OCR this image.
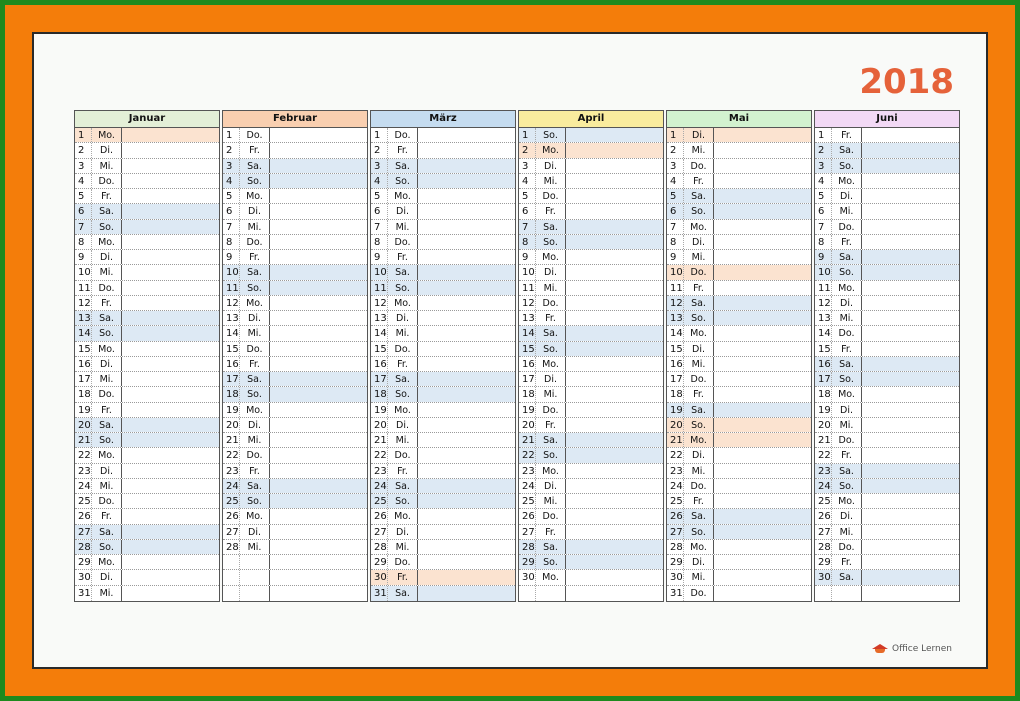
2018
Januar
1	Mo.
2	Di.
3	Mi.
4	Do.
5	Fr.
6	Sa.
7	So.
8	Mo.
9	Di.
10 Mi.
11 Do.
12	Fr.
13 Sa.
14 So.
15 Mo.
16 Di.
17 Mi.
18 Do.
19	Fr.
20 Sa.
21 So.
22 Mo.
23 Di.
24 Mi.
25 Do.
26	Fr.
27 Sa.
28 So.
29 Mo.
30 Di.
31 Mi.
Februar
1	Do.
2	Fr.
3	Sa.
4	So.
5	Mo.
6	Di.
7	Mi.
8	Do.
9	Fr.
10 Sa.
11 So.
12 Mo.
13 Di.
14 Mi.
15 Do.
16	Fr.
17 Sa.
18 So.
19 Mo.
20 Di.
21 Mi.
22 Do.
23	Fr.
24 Sa.
25 So.
26 Mo.
27 Di.
28 Mi.
März
1	Do.
2	Fr.
3	Sa.
4	So.
5	Mo.
6	Di.
7	Mi.
8	Do.
9	Fr.
10 Sa.
11 So.
12 Mo.
13 Di.
14 Mi.
15 Do.
16	Fr.
17 Sa.
18 So.
19 Mo.
20 Di.
21 Mi.
22 Do.
23	Fr.
24 Sa.
25 So.
26 Mo.
27 Di.
28 Mi.
29 Do.
30	Fr.
31 Sa.
April
1	So.
2	Mo.
3	Di.
4	Mi.
5	Do.
6	Fr.
7	Sa.
8	So.
9	Mo.
10 Di.
11 Mi.
12 Do.
13	Fr.
14 Sa.
15 So.
16 Mo.
17 Di.
18 Mi.
19 Do.
20	Fr.
21 Sa.
22 So.
23 Mo.
24 Di.
25 Mi.
26 Do.
27	Fr.
28 Sa.
29 So.
30 Mo.
Mai
1	Di.
2	Mi.
3	Do.
4	Fr.
5	Sa.
6	So.
7	Mo.
8	Di.
9	Mi.
10 Do.
11	Fr.
12 Sa.
13 So.
14 Mo.
15 Di.
16 Mi.
17 Do.
18	Fr.
19 Sa.
20 So.
21 Mo.
22 Di.
23 Mi.
24 Do.
25	Fr.
26 Sa.
27 So.
28 Mo.
29 Di.
30 Mi.
31 Do.
Juni
1	Fr.
2	Sa.
3	So.
4	Mo.
5	Di.
6	Mi.
7	Do.
8	Fr.
9	Sa.
10 So.
11 Mo.
12 Di.
13 Mi.
14 Do.
15	Fr.
16 Sa.
17 So.
18 Mo.
19 Di.
20 Mi.
21 Do.
22	Fr.
23 Sa.
24 So.
25 Mo.
26 Di.
27 Mi.
28 Do.
29	Fr.
30 Sa.
Office Lernen
